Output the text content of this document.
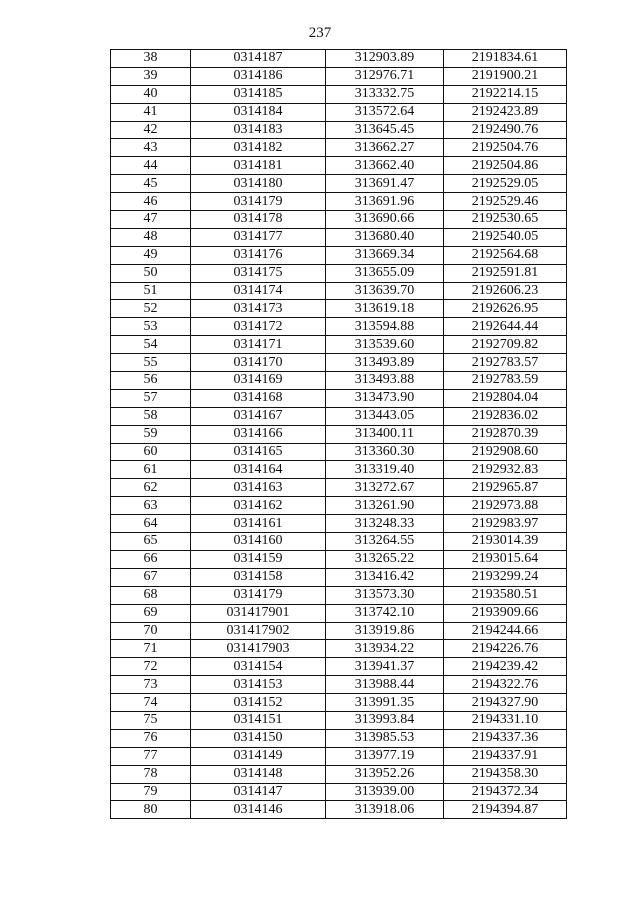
237
38	0314187	312903.89	2191834.61
39	0314186	312976.71	2191900.21
40	0314185	313332.75	2192214.15
41	0314184	313572.64	2192423.89
42	0314183	313645.45	2192490.76
43	0314182	313662.27	2192504.76
44	0314181	313662.40	2192504.86
45	0314180	313691.47	2192529.05
46	0314179	313691.96	2192529.46
47	0314178	313690.66	2192530.65
48	0314177	313680.40	2192540.05
49	0314176	313669.34	2192564.68
50	0314175	313655.09	2192591.81
51	0314174	313639.70	2192606.23
52	0314173	313619.18	2192626.95
53	0314172	313594.88	2192644.44
54	0314171	313539.60	2192709.82
55	0314170	313493.89	2192783.57
56	0314169	313493.88	2192783.59
57	0314168	313473.90	2192804.04
58	0314167	313443.05	2192836.02
59	0314166	313400.11	2192870.39
60	0314165	313360.30	2192908.60
61	0314164	313319.40	2192932.83
62	0314163	313272.67	2192965.87
63	0314162	313261.90	2192973.88
64	0314161	313248.33	2192983.97
65	0314160	313264.55	2193014.39
66	0314159	313265.22	2193015.64
67	0314158	313416.42	2193299.24
68	0314179	313573.30	2193580.51
69	031417901	313742.10	2193909.66
70	031417902	313919.86	2194244.66
71	031417903	313934.22	2194226.76
72	0314154	313941.37	2194239.42
73	0314153	313988.44	2194322.76
74	0314152	313991.35	2194327.90
75	0314151	313993.84	2194331.10
76	0314150	313985.53	2194337.36
77	0314149	313977.19	2194337.91
78	0314148	313952.26	2194358.30
79	0314147	313939.00	2194372.34
80	0314146	313918.06	2194394.87
